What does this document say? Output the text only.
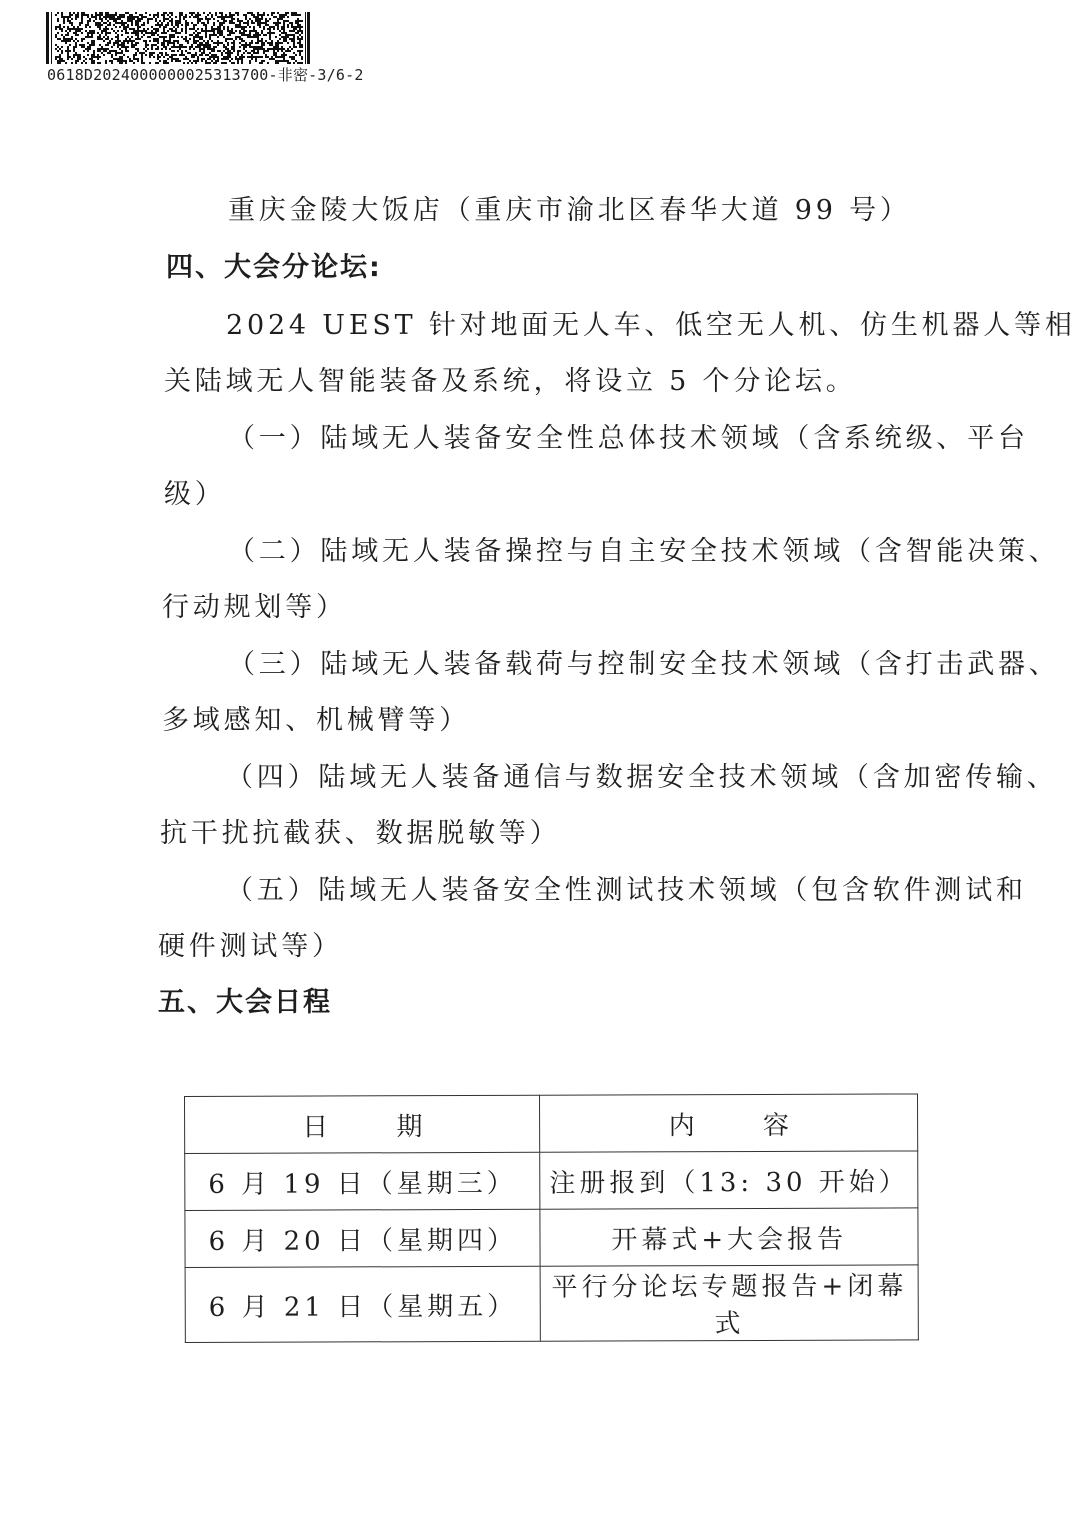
0618D2024000000025313700-非密-3/6-2
重庆金陵大饭店（重庆市渝北区春华大道 99 号）
四、大会分论坛:
2024 UEST 针对地面无人车、低空无人机、仿生机器人等相
关陆域无人智能装备及系统，将设立 5 个分论坛。
（一）陆域无人装备安全性总体技术领域（含系统级、平台
级）
（二）陆域无人装备操控与自主安全技术领域（含智能决策、
行动规划等）
（三）陆域无人装备载荷与控制安全技术领域（含打击武器、
多域感知、机械臂等）
（四）陆域无人装备通信与数据安全技术领域（含加密传输、
抗干扰抗截获、数据脱敏等）
（五）陆域无人装备安全性测试技术领域（包含软件测试和
硬件测试等）
五、大会日程
日 期	内 容
6 月 19 日（星期三）	注册报到（13: 30 开始）
6 月 20 日（星期四）	开幕式+大会报告
6 月 21 日（星期五）	平行分论坛专题报告+闭幕式
